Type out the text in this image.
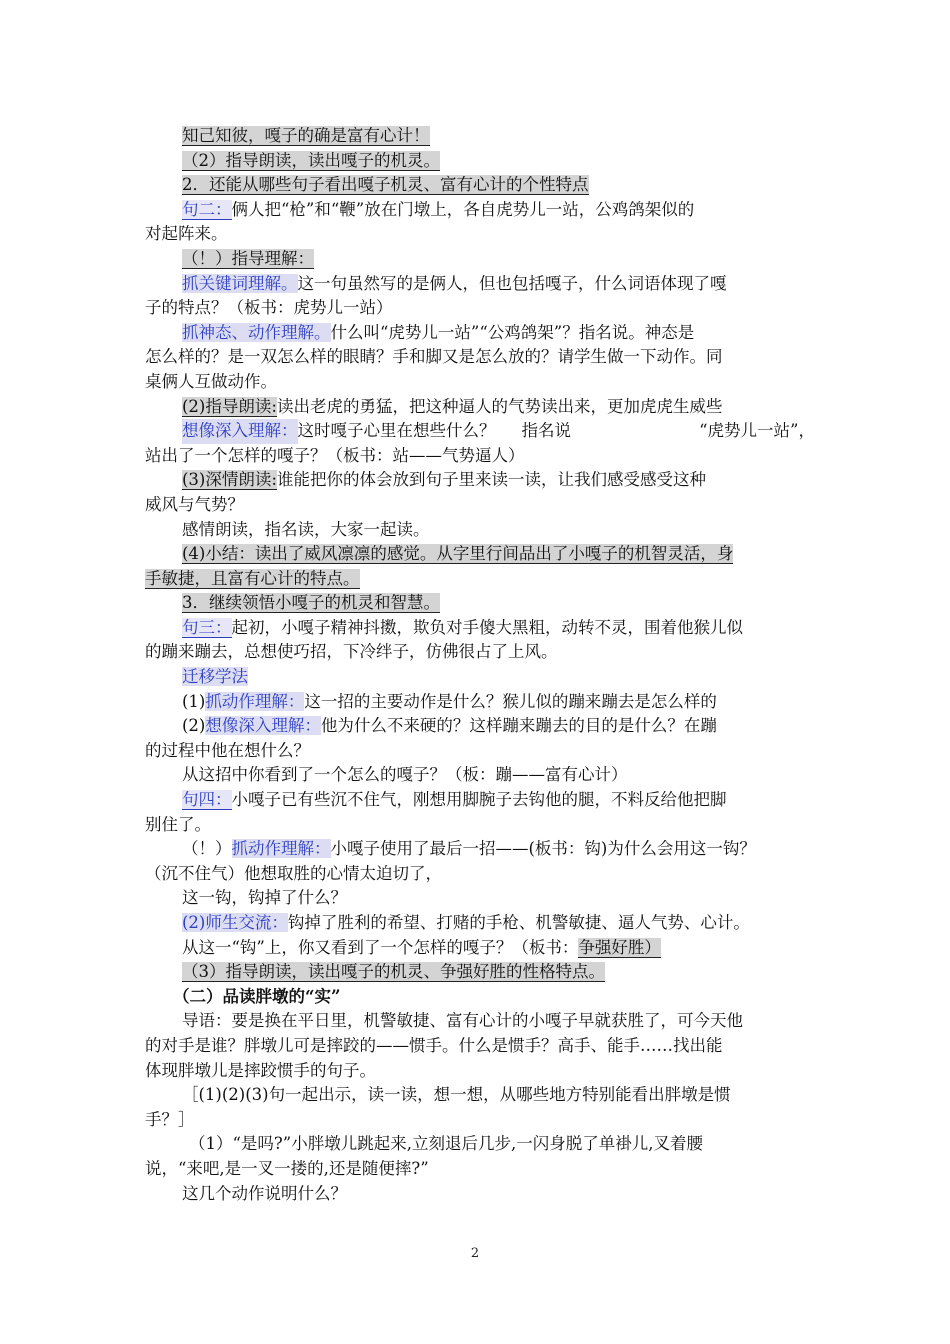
知己知彼，嘎子的确是富有心计！
（2）指导朗读，读出嘎子的机灵。
2．还能从哪些句子看出嘎子机灵、富有心计的个性特点
句二：俩人把“枪”和“鞭”放在门墩上，各自虎势儿一站，公鸡鸽架似的
对起阵来。
（！）指导理解：
抓关键词理解。这一句虽然写的是俩人，但也包括嘎子，什么词语体现了嘎
子的特点？（板书：虎势儿一站）
抓神态、动作理解。什么叫“虎势儿一站”“公鸡鸽架”？指名说。神态是
怎么样的？是一双怎么样的眼睛？手和脚又是怎么放的？请学生做一下动作。同
桌俩人互做动作。
(2)指导朗读:读出老虎的勇猛，把这种逼人的气势读出来，更加虎虎生威些
想像深入理解： 这时嘎子心里在想些什么？ 指名说	“虎势儿一站”，
站出了一个怎样的嘎子？（板书：站——气势逼人）
(3)深情朗读:谁能把你的体会放到句子里来读一读，让我们感受感受这种
威风与气势？
感情朗读，指名读，大家一起读。
(4)小结：读出了威风凛凛的感觉。从字里行间品出了小嘎子的机智灵活，身
手敏捷，且富有心计的特点。
3．继续领悟小嘎子的机灵和智慧。
句三：起初，小嘎子精神抖擞，欺负对手傻大黑粗，动转不灵，围着他猴儿似
的蹦来蹦去，总想使巧招，下冷绊子，仿佛很占了上风。
迁移学法
(1)抓动作理解：这一招的主要动作是什么？猴儿似的蹦来蹦去是怎么样的
(2)想像深入理解：他为什么不来硬的？这样蹦来蹦去的目的是什么？在蹦
的过程中他在想什么？
从这招中你看到了一个怎么的嘎子？（板：蹦——富有心计）
句四：小嘎子已有些沉不住气，刚想用脚腕子去钩他的腿，不料反给他把脚
别住了。
（！）抓动作理解：小嘎子使用了最后一招——(板书：钩)为什么会用这一钩？
（沉不住气）他想取胜的心情太迫切了，
这一钩，钩掉了什么？
(2)师生交流：钩掉了胜利的希望、打赌的手枪、机警敏捷、逼人气势、心计。
从这一“钩”上，你又看到了一个怎样的嘎子？（板书：争强好胜）
（3）指导朗读，读出嘎子的机灵、争强好胜的性格特点。
（二）品读胖墩的“实”
导语：要是换在平日里，机警敏捷、富有心计的小嘎子早就获胜了，可今天他
的对手是谁？胖墩儿可是摔跤的——惯手。什么是惯手？高手、能手……找出能
体现胖墩儿是摔跤惯手的句子。
［(1)(2)(3)句一起出示，读一读，想一想，从哪些地方特别能看出胖墩是惯
手？］
（1）“是吗?”小胖墩儿跳起来,立刻退后几步,一闪身脱了单褂儿,叉着腰
说，“来吧,是一叉一搂的,还是随便摔?”
这几个动作说明什么？
2
